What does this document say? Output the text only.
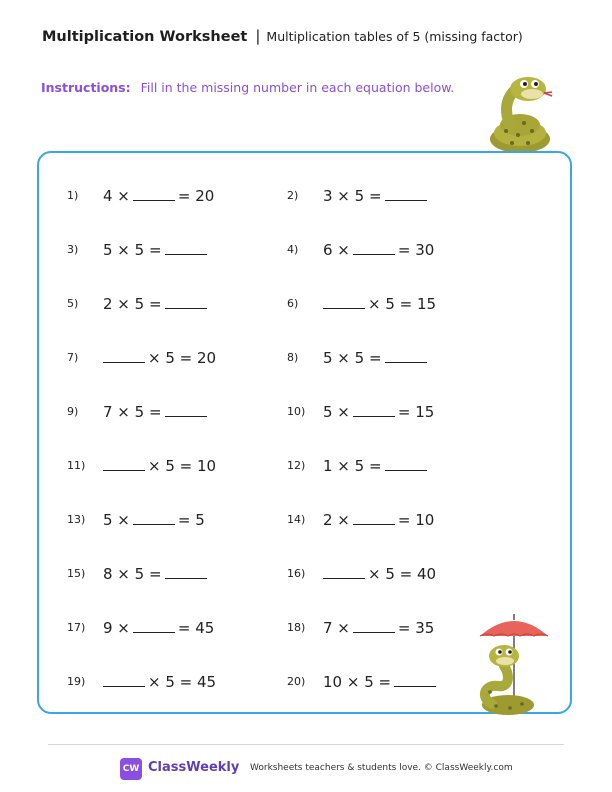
Multiplication Worksheet | Multiplication tables of 5 (missing factor)
Instructions: Fill in the missing number in each equation below.
1) 4 ×	= 20	2) 3 × 5 =
3) 5 × 5 =	4) 6 ×	= 30
5) 2 × 5 =	6)	× 5 = 15
7)	× 5 = 20	8) 5 × 5 =
9) 7 × 5 =	10) 5 ×	= 15
11)	× 5 = 10	12) 1 × 5 =
13) 5 ×	= 5	14) 2 ×	= 10
15) 8 × 5 =	16)	× 5 = 40
17) 9 ×	= 45	18) 7 ×	= 35
19)	× 5 = 45	20) 10 × 5 =
CW ClassWeekly Worksheets teachers & students love. © ClassWeekly.com
